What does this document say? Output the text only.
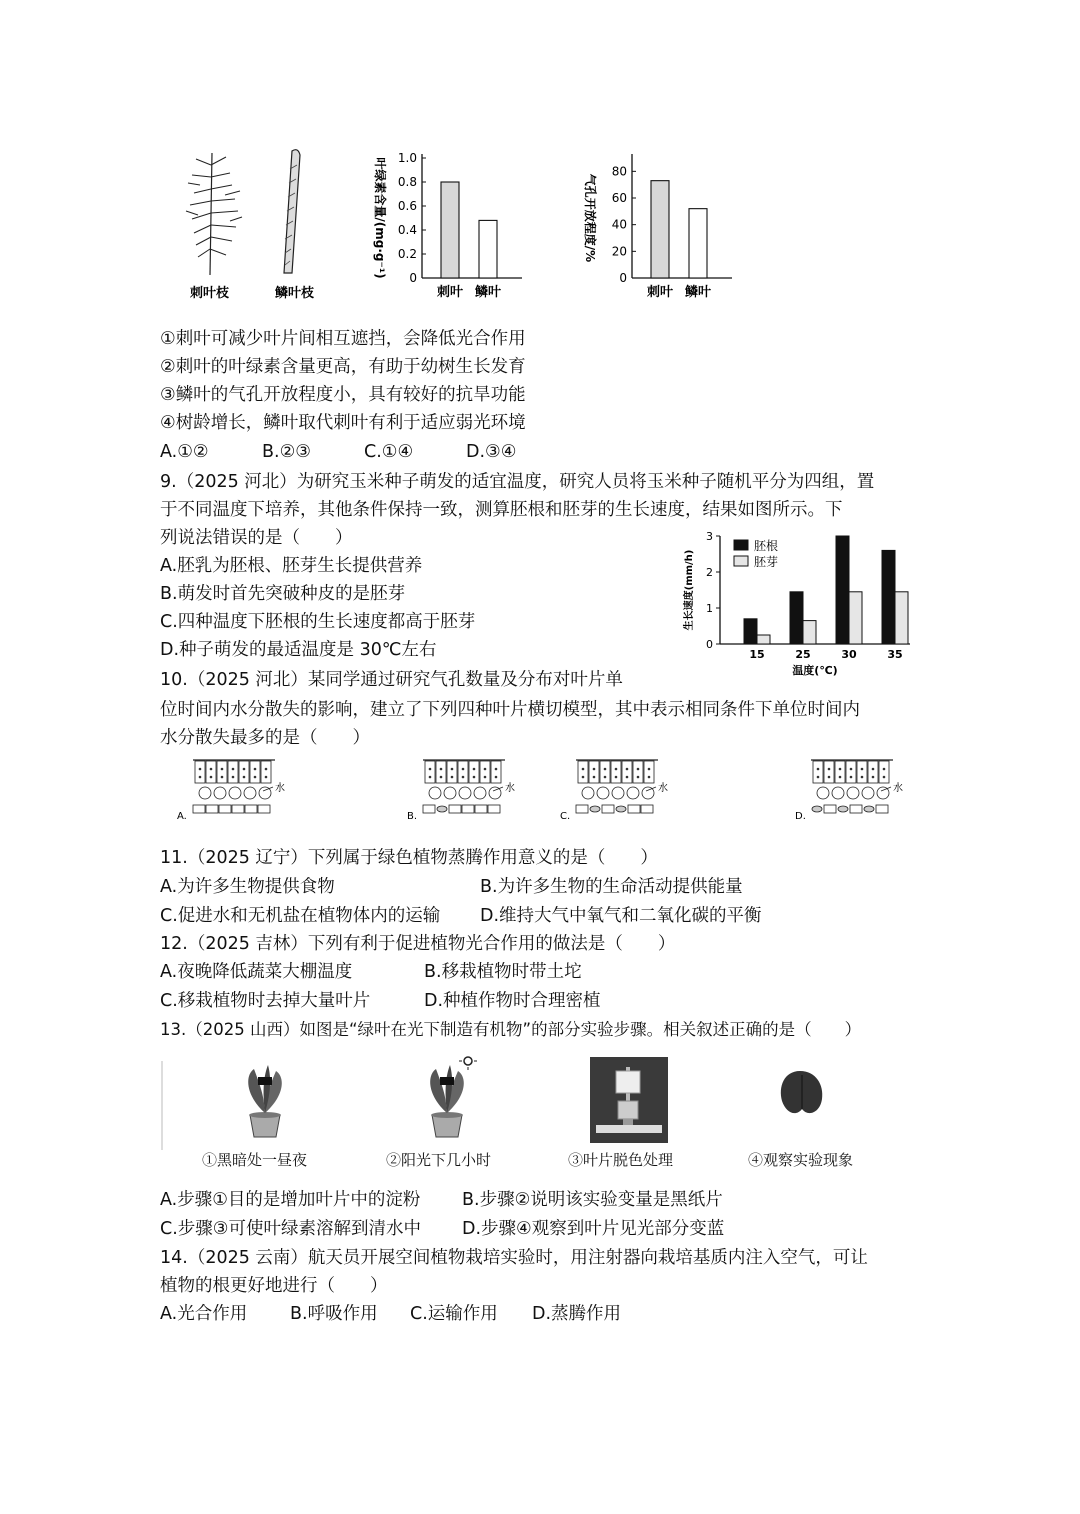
刺叶枝	鳞叶枝
0
0.2
0.4
0.6
0.8
1.0
刺叶 鳞叶
叶绿素含量/(mg·g⁻¹)	0
20
40
60
80
刺叶 鳞叶
气孔开放程度/%
①刺叶可减少叶片间相互遮挡，会降低光合作用
②刺叶的叶绿素含量更高，有助于幼树生长发育
③鳞叶的气孔开放程度小，具有较好的抗旱功能
④树龄增长，鳞叶取代刺叶有利于适应弱光环境
A.①②	B.②③	C.①④	D.③④
9.（2025 河北）为研究玉米种子萌发的适宜温度，研究人员将玉米种子随机平分为四组，置
于不同温度下培养，其他条件保持一致，测算胚根和胚芽的生长速度，结果如图所示。下
列说法错误的是（　　）
A.胚乳为胚根、胚芽生长提供营养
B.萌发时首先突破种皮的是胚芽
C.四种温度下胚根的生长速度都高于胚芽
D.种子萌发的最适温度是 30℃左右	0
1
2
3
15	25	30	35
温度(℃)
生长速度(mm/h)
胚根
胚芽
10.（2025 河北）某同学通过研究气孔数量及分布对叶片单
位时间内水分散失的影响，建立了下列四种叶片横切模型，其中表示相同条件下单位时间内
水分散失最多的是（　　）
水
A.
水
B.
水
C.
水
D.
11.（2025 辽宁）下列属于绿色植物蒸腾作用意义的是（　　）
A.为许多生物提供食物	B.为许多生物的生命活动提供能量
C.促进水和无机盐在植物体内的运输 D.维持大气中氧气和二氧化碳的平衡
12.（2025 吉林）下列有利于促进植物光合作用的做法是（　　）
A.夜晚降低蔬菜大棚温度	B.移栽植物时带土坨
C.移栽植物时去掉大量叶片	D.种植作物时合理密植
13.（2025 山西）如图是“绿叶在光下制造有机物”的部分实验步骤。相关叙述正确的是（　　）
①黑暗处一昼夜	②阳光下几小时	③叶片脱色处理	④观察实验现象
A.步骤①目的是增加叶片中的淀粉 B.步骤②说明该实验变量是黑纸片
C.步骤③可使叶绿素溶解到清水中 D.步骤④观察到叶片见光部分变蓝
14.（2025 云南）航天员开展空间植物栽培实验时，用注射器向栽培基质内注入空气，可让
植物的根更好地进行（　　）
A.光合作用 B.呼吸作用 C.运输作用 D.蒸腾作用
